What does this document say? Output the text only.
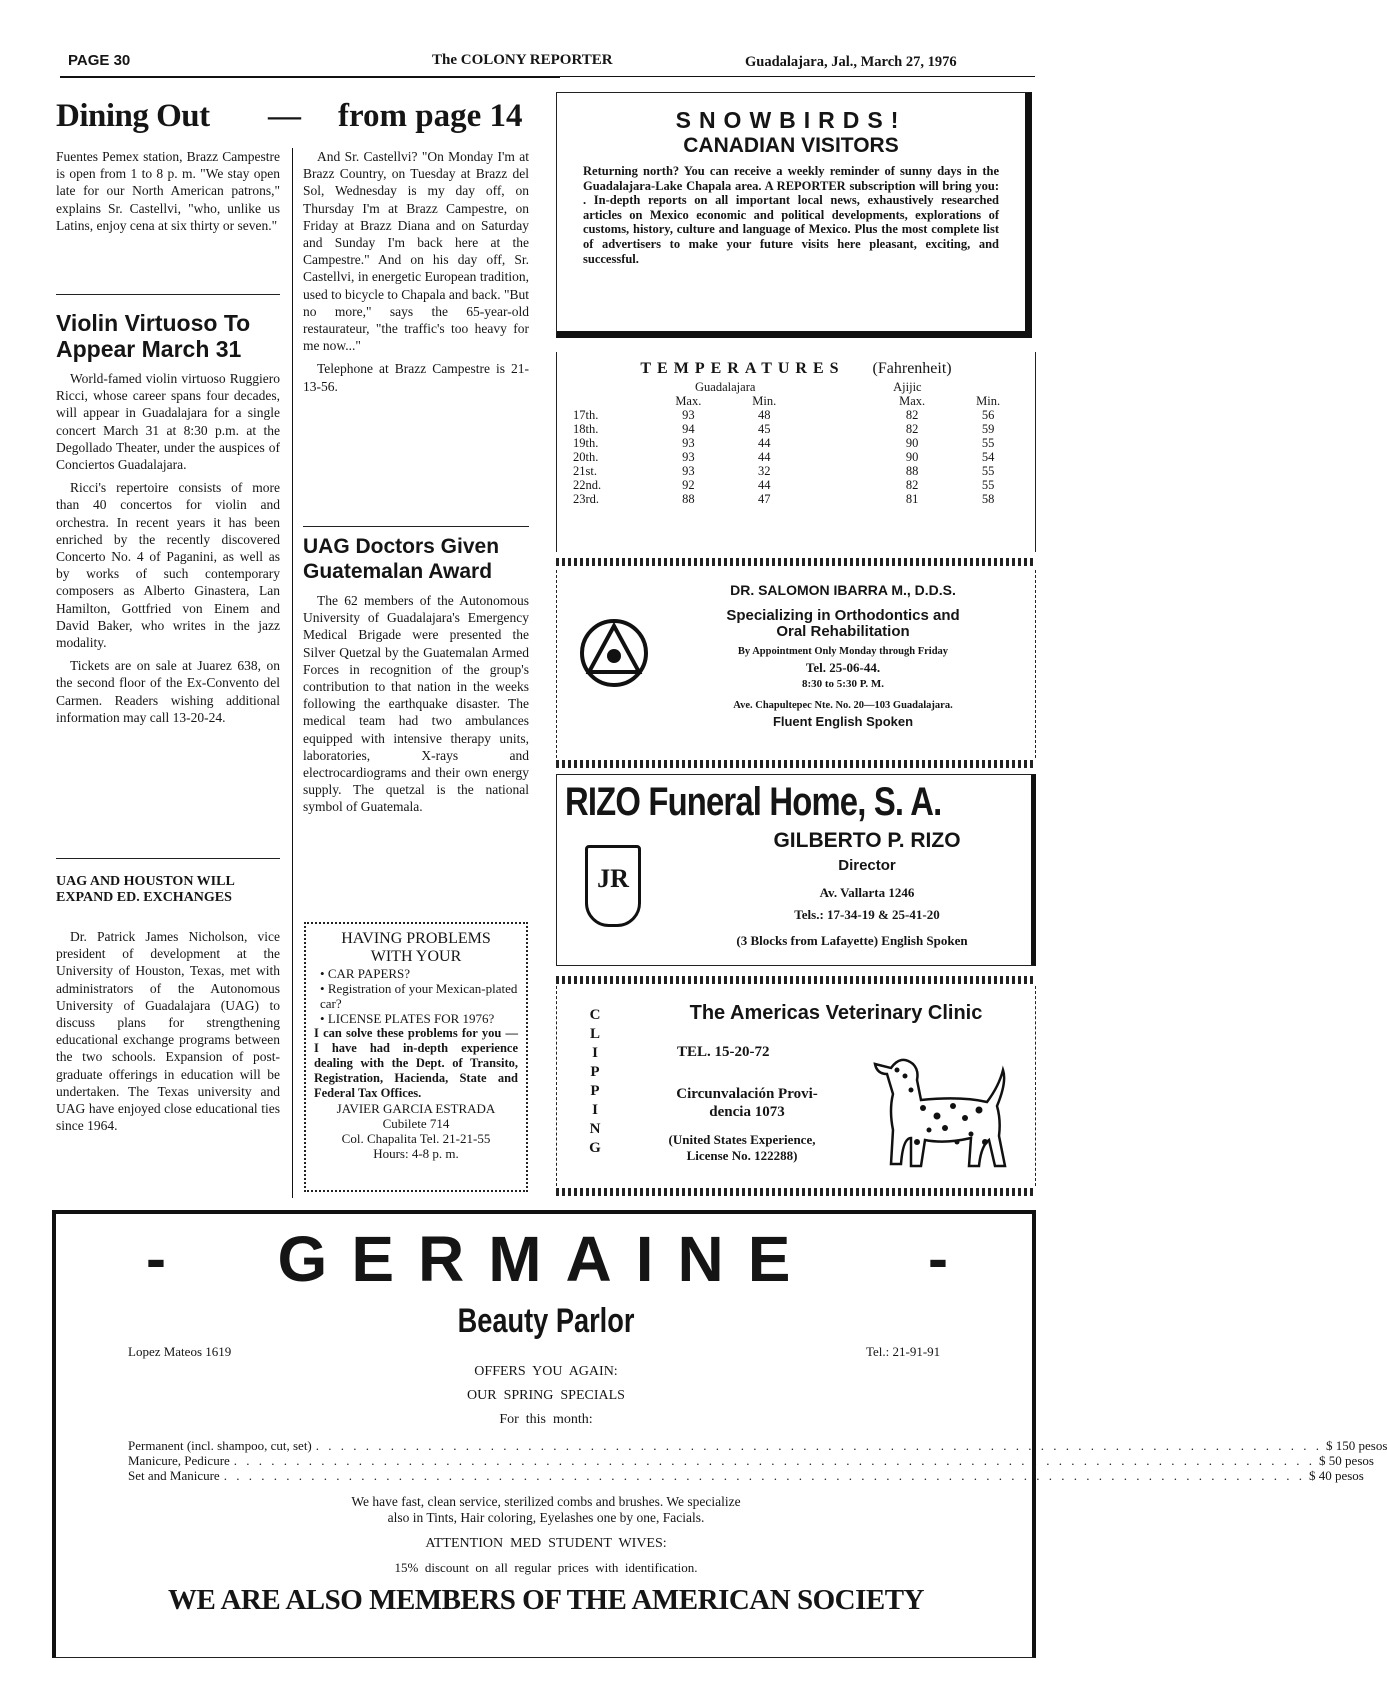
PAGE 30	The COLONY REPORTER	Guadalajara, Jal., March 27, 1976
Dining Out — from page 14

Fuentes Pemex station, Brazz Campestre is open from 1 to 8 p. m. "We stay open late for our North American patrons," explains Sr. Castellvi, "who, unlike us Latins, enjoy cena at six thirty or seven."

And Sr. Castellvi? "On Monday I'm at Brazz Country, on Tuesday at Brazz del Sol, Wednesday is my day off, on Thursday I'm at Brazz Campestre, on Friday at Brazz Diana and on Saturday and Sunday I'm back here at the Campestre." And on his day off, Sr. Castellvi, in energetic European tradition, used to bicycle to Chapala and back. "But no more," says the 65-year-old restaurateur, "the traffic's too heavy for me now..."

Telephone at Brazz Campestre is 21-13-56.

Violin Virtuoso To Appear March 31

World-famed violin virtuoso Ruggiero Ricci, whose career spans four decades, will appear in Guadalajara for a single concert March 31 at 8:30 p.m. at the Degollado Theater, under the auspices of Conciertos Guadalajara.

Ricci's repertoire consists of more than 40 concertos for violin and orchestra. In recent years it has been enriched by the recently discovered Concerto No. 4 of Paganini, as well as by works of such contemporary composers as Alberto Ginastera, Lan Hamilton, Gottfried von Einem and David Baker, who writes in the jazz modality.

Tickets are on sale at Juarez 638, on the second floor of the Ex-Convento del Carmen. Readers wishing additional information may call 13-20-24.

UAG AND HOUSTON WILL EXPAND ED. EXCHANGES

Dr. Patrick James Nicholson, vice president of development at the University of Houston, Texas, met with administrators of the Autonomous University of Guadalajara (UAG) to discuss plans for strengthening educational exchange programs between the two schools. Expansion of post-graduate offerings in education will be undertaken. The Texas university and UAG have enjoyed close educational ties since 1964.

UAG Doctors Given Guatemalan Award

The 62 members of the Autonomous University of Guadalajara's Emergency Medical Brigade were presented the Silver Quetzal by the Guatemalan Armed Forces in recognition of the group's contribution to that nation in the weeks following the earthquake disaster. The medical team had two ambulances equipped with intensive therapy units, laboratories, X-rays and electrocardiograms and their own energy supply. The quetzal is the national symbol of Guatemala.

HAVING PROBLEMS
WITH YOUR
• CAR PAPERS?
• Registration of your Mexican-plated car?
• LICENSE PLATES FOR 1976?
I can solve these problems for you — I have had in-depth experience dealing with the Dept. of Transito, Registration, Hacienda, State and Federal Tax Offices.
JAVIER GARCIA ESTRADA
Cubilete 714
Col. Chapalita Tel. 21-21-55
Hours: 4-8 p. m.
SNOWBIRDS!
CANADIAN VISITORS
Returning north? You can receive a weekly reminder of sunny days in the Guadalajara-Lake Chapala area. A REPORTER subscription will bring you: . In-depth reports on all important local news, exhaustively researched articles on Mexico economic and political developments, explorations of customs, history, culture and language of Mexico. Plus the most complete list of advertisers to make your future visits here pleasant, exciting, and successful.
TEMPERATURES (Fahrenheit)
	Guadalajara			Ajijic	
	Max.	Min.		Max.	Min.
17th.	93	48		82	56
18th.	94	45		82	59
19th.	93	44		90	55
20th.	93	44		90	54
21st.	93	32		88	55
22nd.	92	44		82	55
23rd.	88	47		81	58
DR. SALOMON IBARRA M., D.D.S.
Specializing in Orthodontics and
Oral Rehabilitation
By Appointment Only Monday through Friday
Tel. 25-06-44.
8:30 to 5:30 P. M.
Ave. Chapultepec Nte. No. 20—103 Guadalajara.
Fluent English Spoken
RIZO Funeral Home, S. A.
JR
GILBERTO P. RIZO
Director
Av. Vallarta 1246
Tels.: 17-34-19 & 25-41-20
(3 Blocks from Lafayette) English Spoken
C
L
I
P
P
I
N
G
The Americas Veterinary Clinic
TEL. 15-20-72
Circunvalación Provi-
dencia 1073
(United States Experience,
License No. 122288)
-	GERMAINE	-
Beauty Parlor
Lopez Mateos 1619	Tel.: 21-91-91
OFFERS  YOU  AGAIN:
OUR  SPRING  SPECIALS
For  this  month:
Permanent (incl. shampoo, cut, set) . . . . . . . . . . . . . . . . . . . . . . . . . . . . . . . . . . . . . . . . . . . . . . . . . . . . . . . . . . . . . . . . . . . . . . . . . . . . . . . . . $ 150 pesos
Manicure, Pedicure . . . . . . . . . . . . . . . . . . . . . . . . . . . . . . . . . . . . . . . . . . . . . . . . . . . . . . . . . . . . . . . . . . . . . . . . . . . . . . . . . . . . . . . $ 50 pesos
Set and Manicure . . . . . . . . . . . . . . . . . . . . . . . . . . . . . . . . . . . . . . . . . . . . . . . . . . . . . . . . . . . . . . . . . . . . . . . . . . . . . . . . . . . . . . . $ 40 pesos
We have fast, clean service, sterilized combs and brushes. We specialize
also in Tints, Hair coloring, Eyelashes one by one, Facials.
ATTENTION  MED  STUDENT  WIVES:
15%  discount  on  all  regular  prices  with  identification.
WE ARE ALSO MEMBERS OF THE AMERICAN SOCIETY
